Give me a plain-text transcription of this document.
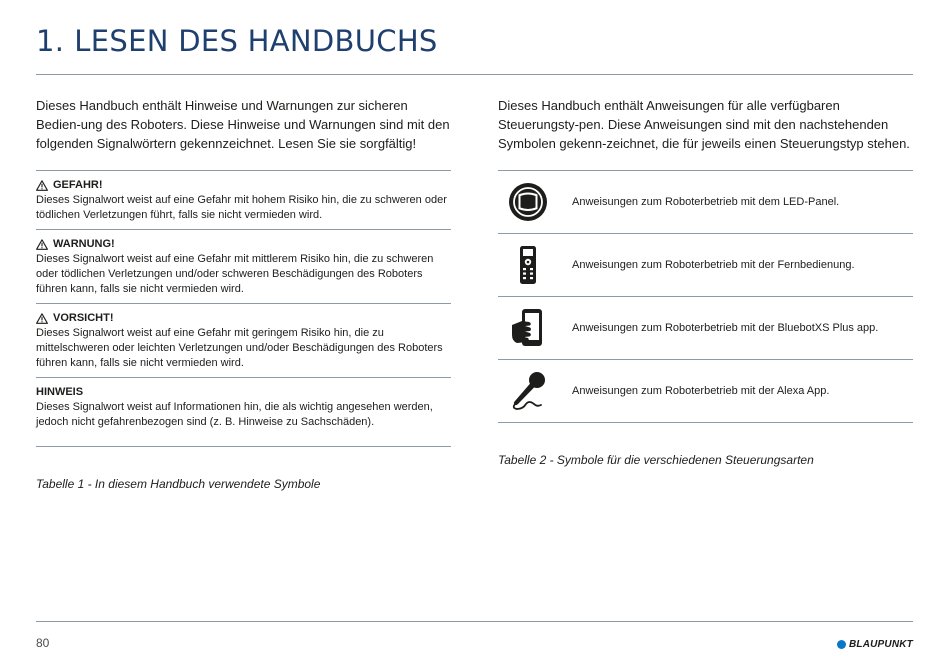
1. LESEN DES HANDBUCHS

Dieses Handbuch enthält Hinweise und Warnungen zur sicheren Bedien-ung des Roboters. Diese Hinweise und Warnungen sind mit den folgenden Signalwörtern gekennzeichnet. Lesen Sie sie sorgfältig!

GEFAHR!

Dieses Signalwort weist auf eine Gefahr mit hohem Risiko hin, die zu schweren oder tödlichen Verletzungen führt, falls sie nicht vermieden wird.

WARNUNG!

Dieses Signalwort weist auf eine Gefahr mit mittlerem Risiko hin, die zu schweren oder tödlichen Verletzungen und/oder schweren Beschädigungen des Roboters führen kann, falls sie nicht vermieden wird.

VORSICHT!

Dieses Signalwort weist auf eine Gefahr mit geringem Risiko hin, die zu mittelschweren oder leichten Verletzungen und/oder Beschädigungen des Roboters führen kann, falls sie nicht vermieden wird.

HINWEIS

Dieses Signalwort weist auf Informationen hin, die als wichtig angesehen werden, jedoch nicht gefahrenbezogen sind (z. B. Hinweise zu Sachschäden).

Tabelle 1 - In diesem Handbuch verwendete Symbole

Dieses Handbuch enthält Anweisungen für alle verfügbaren Steuerungsty-pen. Diese Anweisungen sind mit den nachstehenden Symbolen gekenn-zeichnet, die für jeweils einen Steuerungstyp stehen.

Anweisungen zum Roboterbetrieb mit dem LED-Panel.
Anweisungen zum Roboterbetrieb mit der Fernbedienung.
Anweisungen zum Roboterbetrieb mit der BluebotXS Plus app.
Anweisungen zum Roboterbetrieb mit der Alexa App.
Tabelle 2 - Symbole für die verschiedenen Steuerungsarten
80	BLAUPUNKT
